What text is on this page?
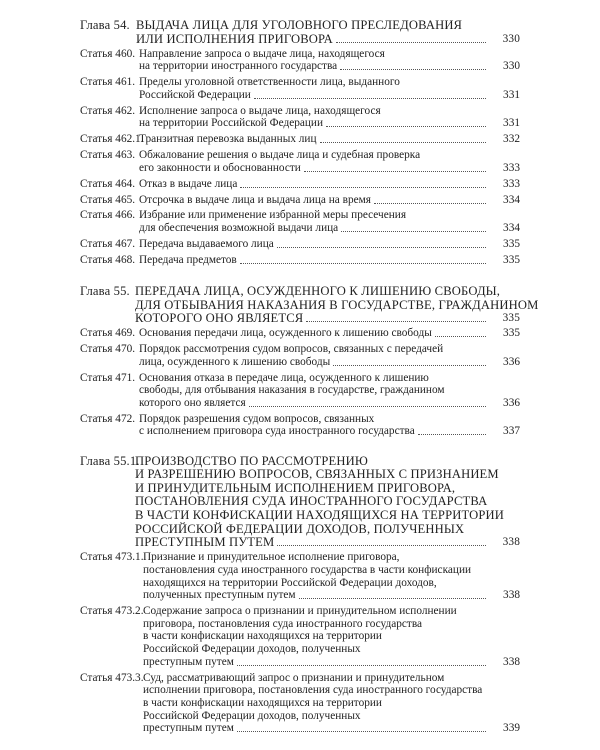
Глава 54. ВЫДАЧА ЛИЦА ДЛЯ УГОЛОВНОГО ПРЕСЛЕДОВАНИЯ
ИЛИ ИСПОЛНЕНИЯ ПРИГОВОРА	330
Статья 460. Направление запроса о выдаче лица, находящегося
на территории иностранного государства	330
Статья 461. Пределы уголовной ответственности лица, выданного
Российской Федерации	331
Статья 462. Исполнение запроса о выдаче лица, находящегося
на территории Российской Федерации	331
Статья 462.1.
Транзитная перевозка выданных лиц	332
Статья 463. Обжалование решения о выдаче лица и судебная проверка
его законности и обоснованности	333
Статья 464. Отказ в выдаче лица	333
Статья 465. Отсрочка в выдаче лица и выдача лица на время	334
Статья 466. Избрание или применение избранной меры пресечения
для обеспечения возможной выдачи лица	334
Статья 467. Передача выдаваемого лица	335
Статья 468. Передача предметов	335
Глава 55. ПЕРЕДАЧА ЛИЦА, ОСУЖДЕННОГО К ЛИШЕНИЮ СВОБОДЫ,
ДЛЯ ОТБЫВАНИЯ НАКАЗАНИЯ В ГОСУДАРСТВЕ, ГРАЖДАНИНОМ
КОТОРОГО ОНО ЯВЛЯЕТСЯ	335
Статья 469. Основания передачи лица, осужденного к лишению свободы	335
Статья 470. Порядок рассмотрения судом вопросов, связанных с передачей
лица, осужденного к лишению свободы	336
Статья 471. Основания отказа в передаче лица, осужденного к лишению
свободы, для отбывания наказания в государстве, гражданином
которого оно является	336
Статья 472. Порядок разрешения судом вопросов, связанных
с исполнением приговора суда иностранного государства	337
Глава 55.1.
ПРОИЗВОДСТВО ПО РАССМОТРЕНИЮ
И РАЗРЕШЕНИЮ ВОПРОСОВ, СВЯЗАННЫХ С ПРИЗНАНИЕМ
И ПРИНУДИТЕЛЬНЫМ ИСПОЛНЕНИЕМ ПРИГОВОРА,
ПОСТАНОВЛЕНИЯ СУДА ИНОСТРАННОГО ГОСУДАРСТВА
В ЧАСТИ КОНФИСКАЦИИ НАХОДЯЩИХСЯ НА ТЕРРИТОРИИ
РОССИЙСКОЙ ФЕДЕРАЦИИ ДОХОДОВ, ПОЛУЧЕННЫХ
ПРЕСТУПНЫМ ПУТЕМ	338
Статья 473.1. Признание и принудительное исполнение приговора,
постановления суда иностранного государства в части конфискации
находящихся на территории Российской Федерации доходов,
полученных преступным путем	338
Статья 473.2. Содержание запроса о признании и принудительном исполнении
приговора, постановления суда иностранного государства
в части конфискации находящихся на территории
Российской Федерации доходов, полученных
преступным путем	338
Статья 473.3. Суд, рассматривающий запрос о признании и принудительном
исполнении приговора, постановления суда иностранного государства
в части конфискации находящихся на территории
Российской Федерации доходов, полученных
преступным путем	339
